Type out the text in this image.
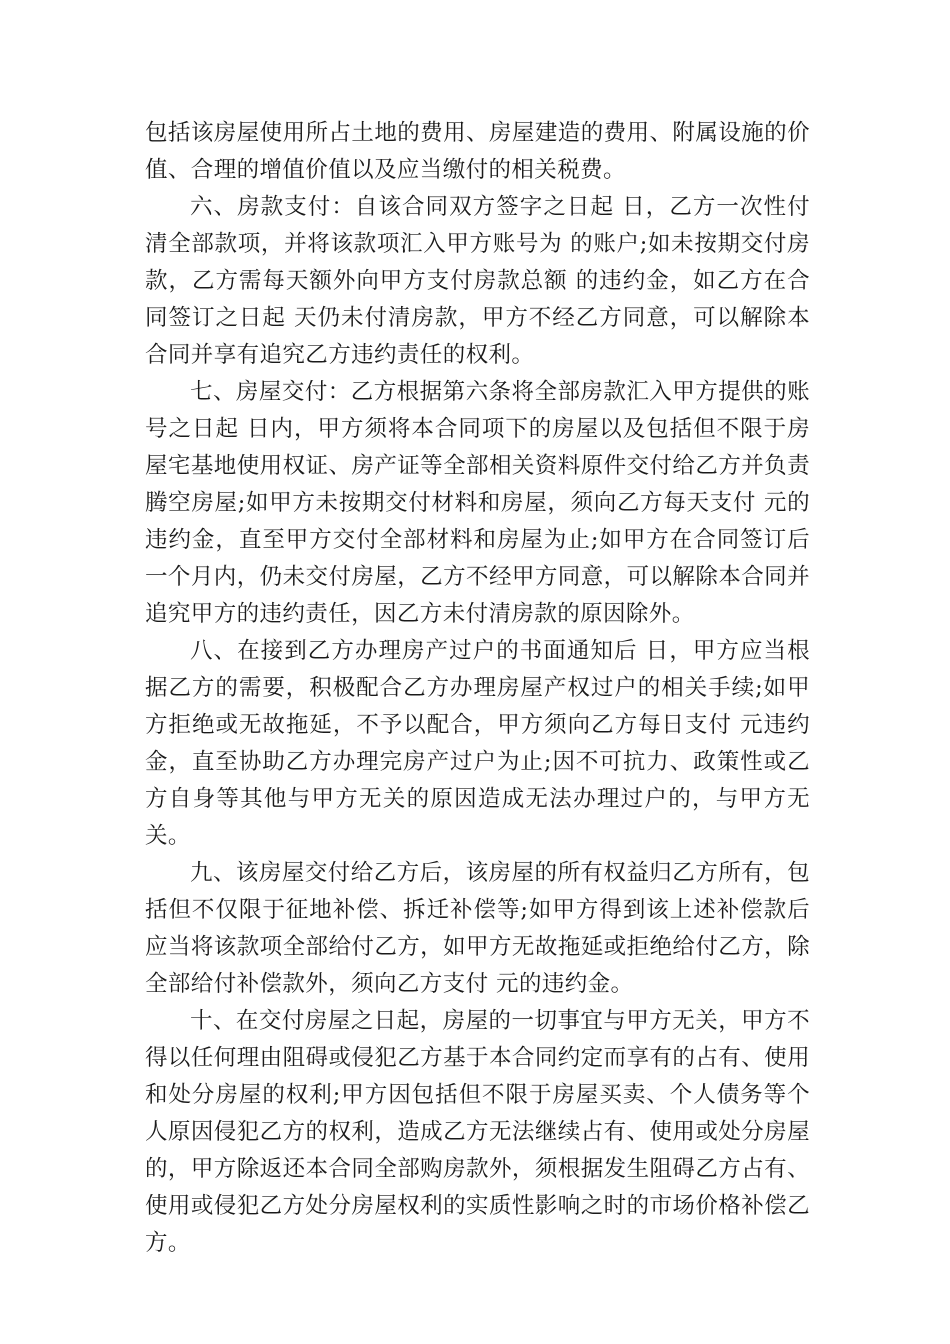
包括该房屋使用所占土地的费用、房屋建造的费用、附属设施的价值、合理的增值价值以及应当缴付的相关税费。

六、房款支付：自该合同双方签字之日起 日，乙方一次性付清全部款项，并将该款项汇入甲方账号为 的账户;如未按期交付房款，乙方需每天额外向甲方支付房款总额 的违约金，如乙方在合同签订之日起 天仍未付清房款，甲方不经乙方同意，可以解除本合同并享有追究乙方违约责任的权利。

七、房屋交付：乙方根据第六条将全部房款汇入甲方提供的账号之日起 日内，甲方须将本合同项下的房屋以及包括但不限于房屋宅基地使用权证、房产证等全部相关资料原件交付给乙方并负责腾空房屋;如甲方未按期交付材料和房屋，须向乙方每天支付 元的违约金，直至甲方交付全部材料和房屋为止;如甲方在合同签订后一个月内，仍未交付房屋，乙方不经甲方同意，可以解除本合同并追究甲方的违约责任，因乙方未付清房款的原因除外。

八、在接到乙方办理房产过户的书面通知后 日，甲方应当根据乙方的需要，积极配合乙方办理房屋产权过户的相关手续;如甲方拒绝或无故拖延，不予以配合，甲方须向乙方每日支付 元违约金，直至协助乙方办理完房产过户为止;因不可抗力、政策性或乙方自身等其他与甲方无关的原因造成无法办理过户的，与甲方无关。

九、该房屋交付给乙方后，该房屋的所有权益归乙方所有，包括但不仅限于征地补偿、拆迁补偿等;如甲方得到该上述补偿款后应当将该款项全部给付乙方，如甲方无故拖延或拒绝给付乙方，除全部给付补偿款外，须向乙方支付 元的违约金。

十、在交付房屋之日起，房屋的一切事宜与甲方无关，甲方不得以任何理由阻碍或侵犯乙方基于本合同约定而享有的占有、使用和处分房屋的权利;甲方因包括但不限于房屋买卖、个人债务等个人原因侵犯乙方的权利，造成乙方无法继续占有、使用或处分房屋的，甲方除返还本合同全部购房款外，须根据发生阻碍乙方占有、使用或侵犯乙方处分房屋权利的实质性影响之时的市场价格补偿乙方。
